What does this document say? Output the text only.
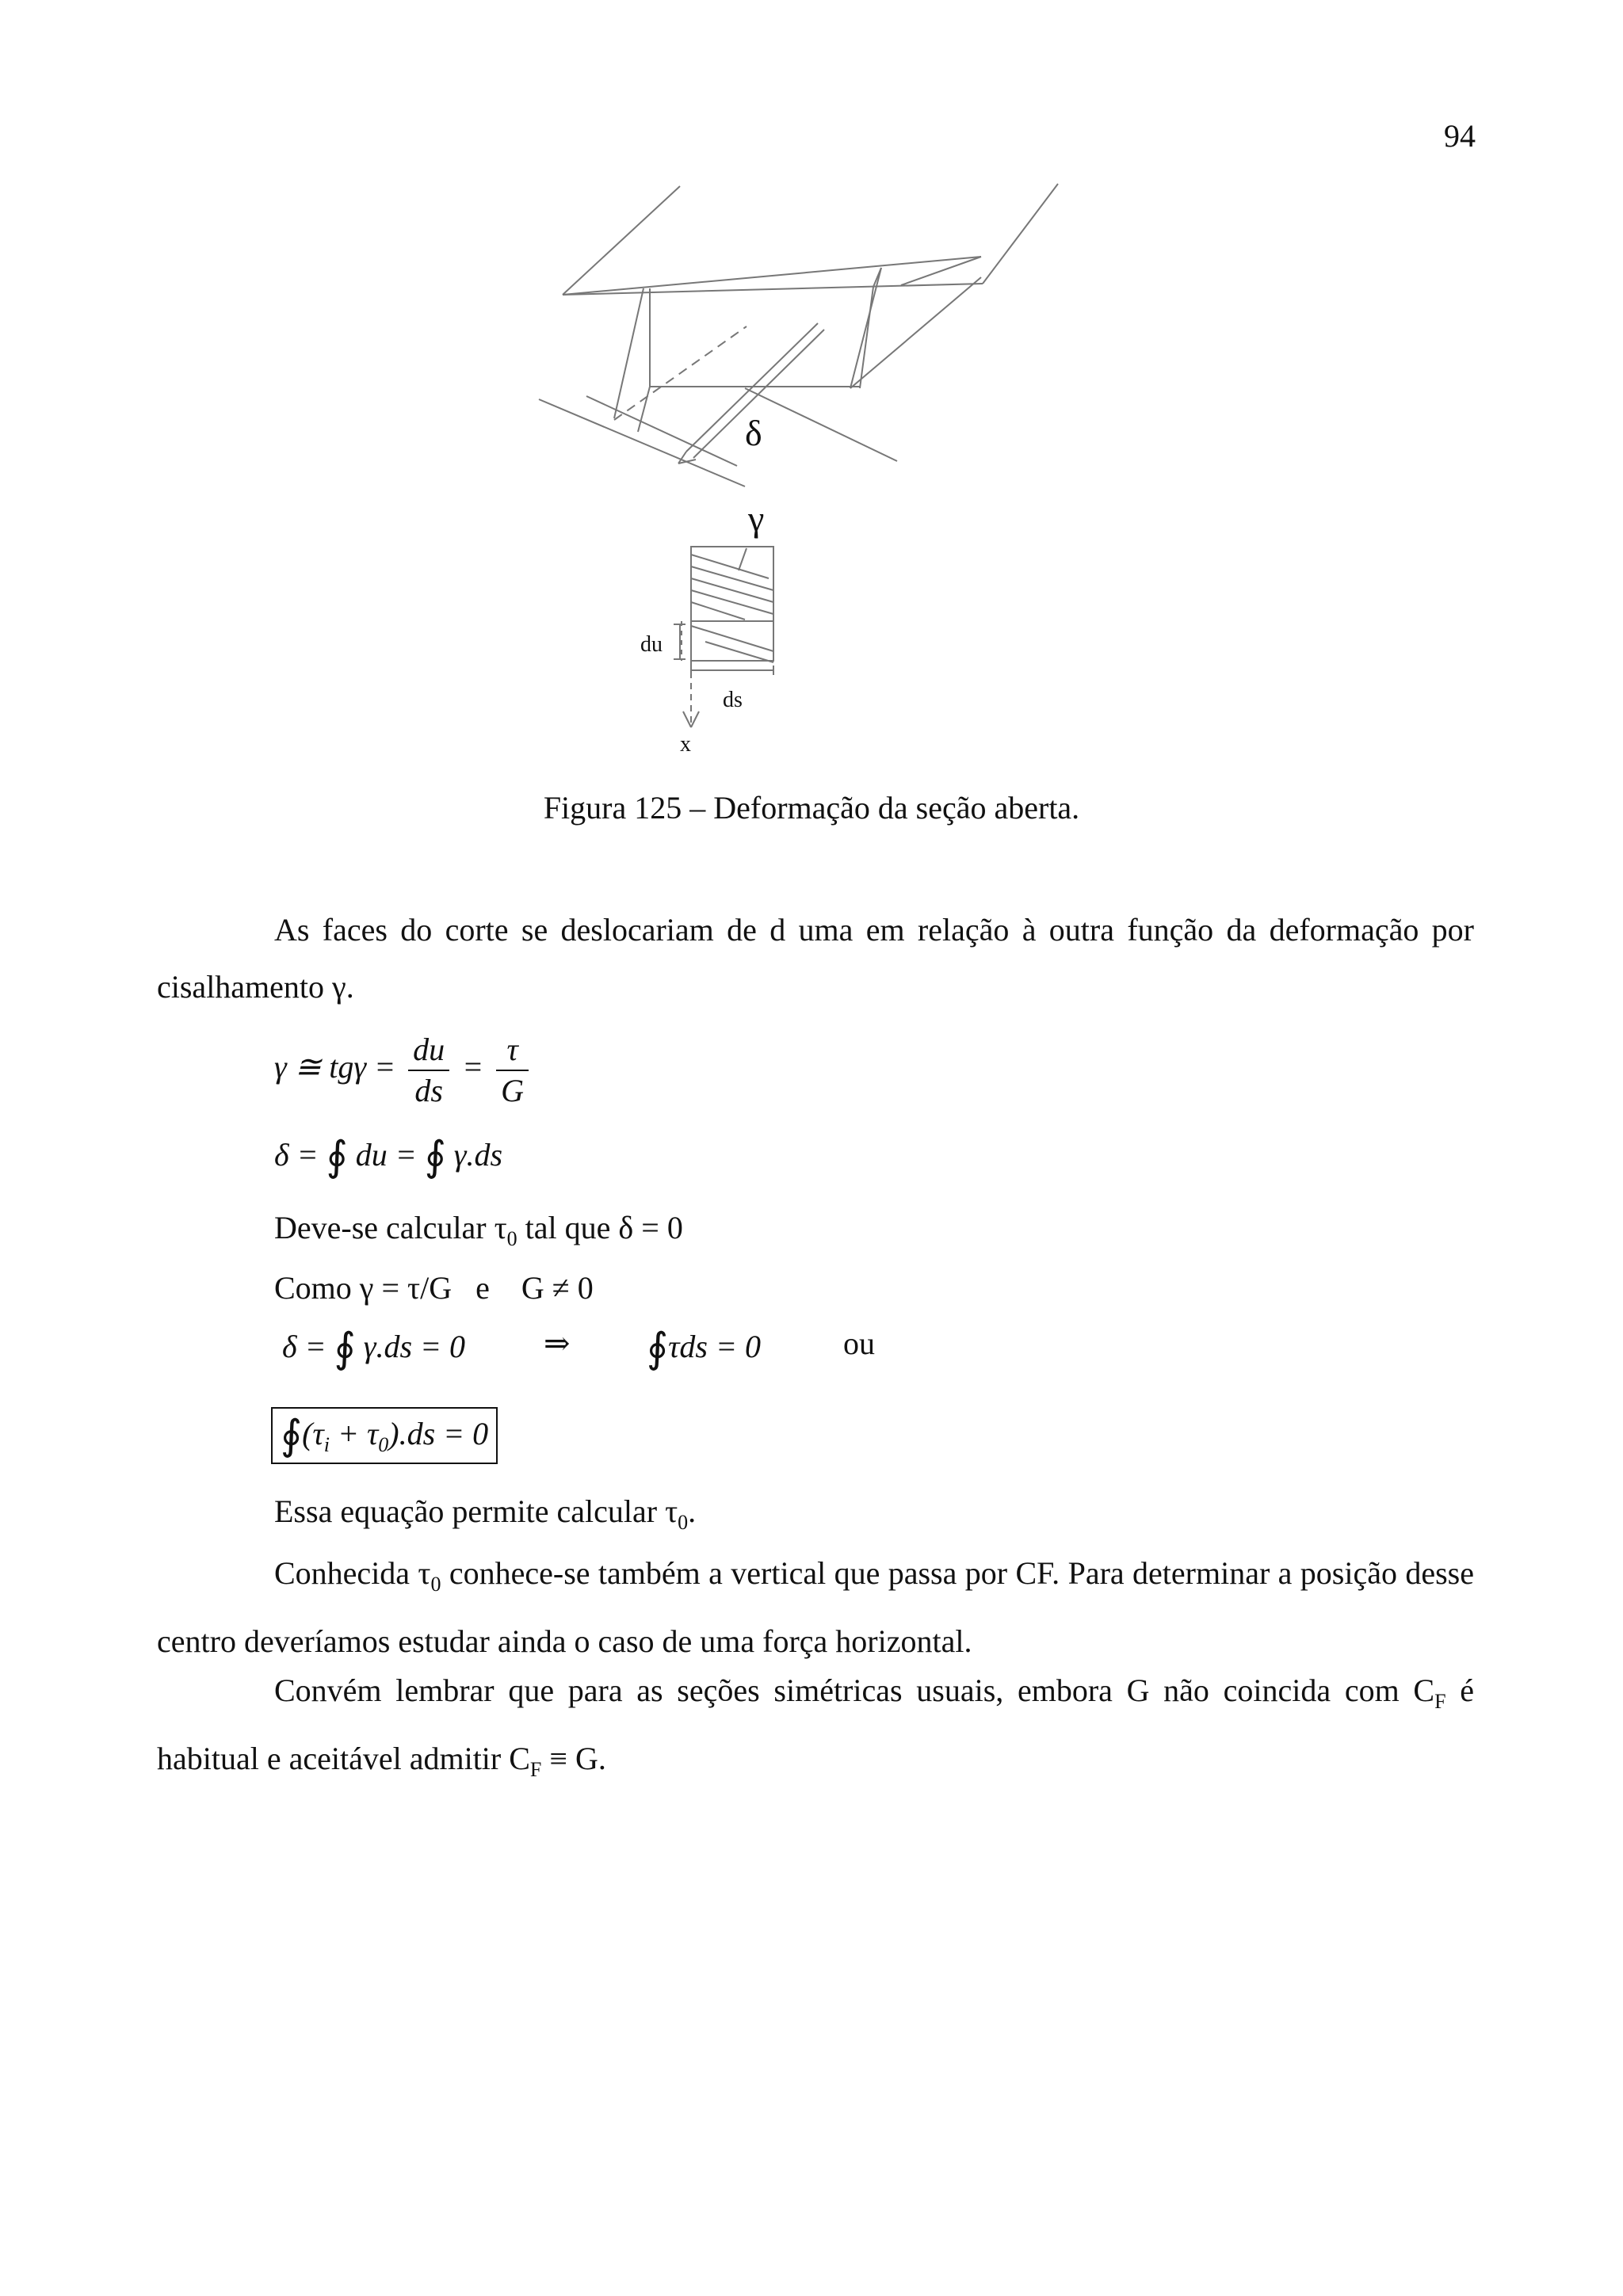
94
δ
γ
du
ds
x
Figura 125 – Deformação da seção aberta.
As faces do corte se deslocariam de d uma em relação à outra função da deformação por cisalhamento γ.
γ ≅ $tg\gamma = \frac{du}{ds} = \frac{\tau}{G}$
δ = ∮ du = ∮ γ.ds
Deve-se calcular $\tau_0$ tal que δ = 0
Como γ = τ/G   e    G ≠ 0
δ = ∮ γ.ds = 0 ⇒ ∮τds = 0	ou
$∮(\tau_i + \tau_0).ds = 0$
Essa equação permite calcular $\tau_0$.
Conhecida $\tau_0$ conhece-se também a vertical que passa por CF. Para determinar a posição desse centro deveríamos estudar ainda o caso de uma força horizontal.
Convém lembrar que para as seções simétricas usuais, embora G não coincida com $C_F$ é habitual e aceitável admitir $C_F \equiv G$.
